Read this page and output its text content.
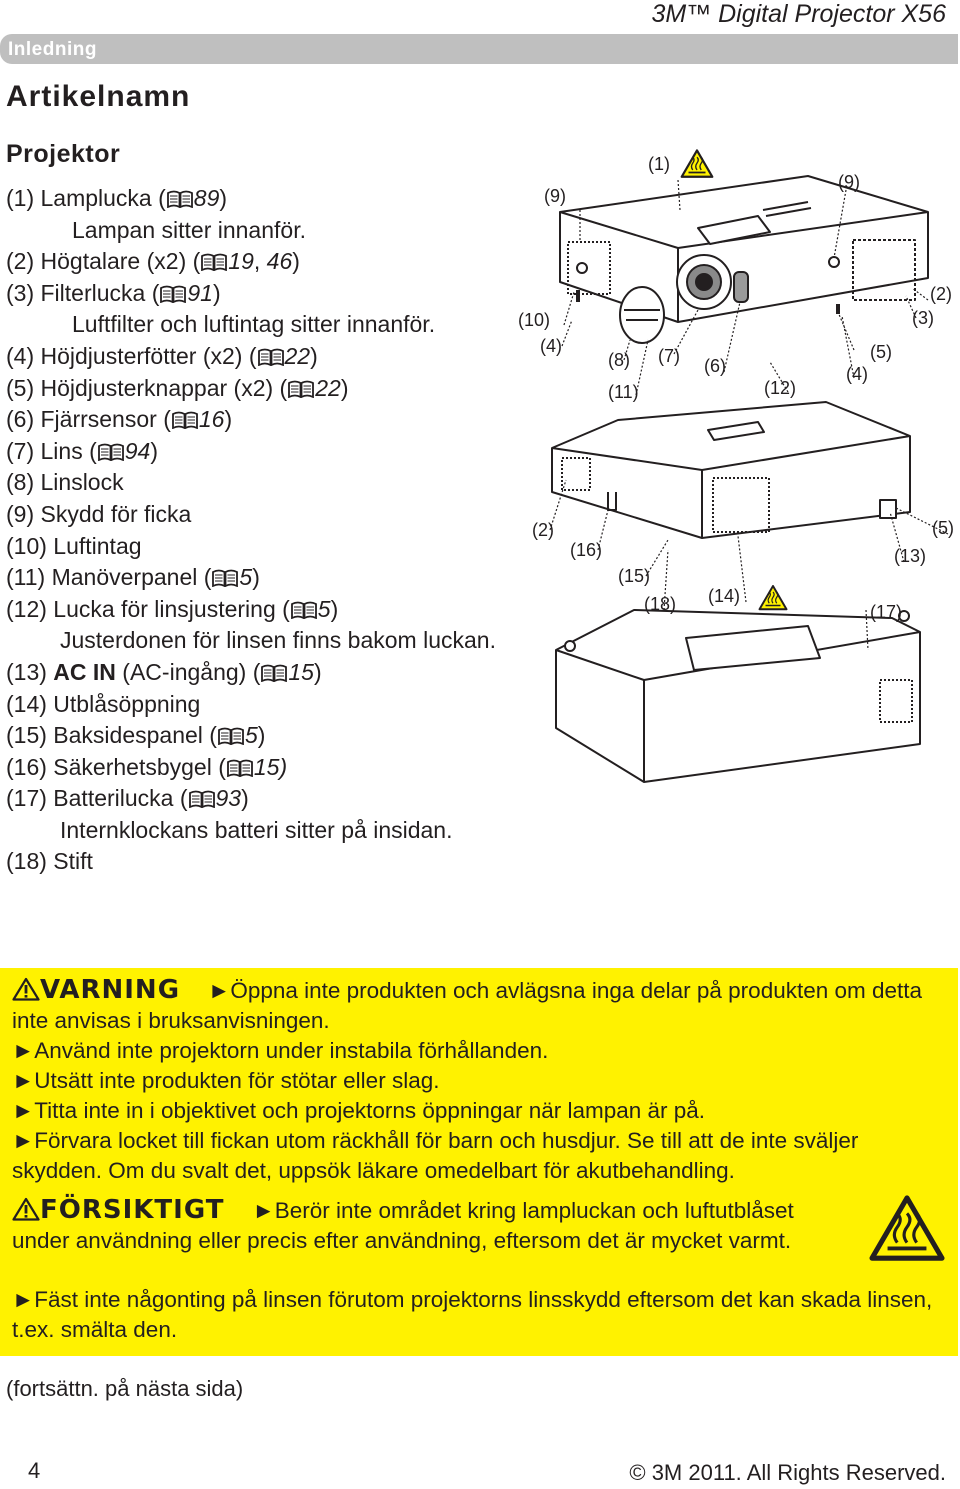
3M™ Digital Projector X56
Inledning
Artikelnamn
Projektor
(1) Lamplucka ( 89)
Lampan sitter innanför.
(2) Högtalare (x2) ( 19, 46)
(3) Filterlucka ( 91)
Luftfilter och luftintag sitter innanför.
(4) Höjdjusterfötter (x2) ( 22)
(5) Höjdjusterknappar (x2) ( 22)
(6) Fjärrsensor ( 16)
(7) Lins ( 94)
(8) Linslock
(9) Skydd för ficka
(10) Luftintag
(11) Manöverpanel ( 5)
(12) Lucka för linsjustering ( 5)
Justerdonen för linsen finns bakom luckan.
(13) AC IN (AC-ingång) ( 15)
(14) Utblåsöppning
(15) Baksidespanel ( 5)
(16) Säkerhetsbygel ( 15)
(17) Batterilucka ( 93)
Internklockans batteri sitter på insidan.
(18) Stift
(1)
(9)
(9)
(2)
(3)
(10)
(4)
(8) (7) (6)
(5)
(4)
(11)	(12)
(2)	(5)
(16)	(13)
(15)
(14)
(18)	(17)
VARNING ►Öppna inte produkten och avlägsna inga delar på produkten om detta inte anvisas i bruksanvisningen.
►Använd inte projektorn under instabila förhållanden.
►Utsätt inte produkten för stötar eller slag.
►Titta inte in i objektivet och projektorns öppningar när lampan är på.
►Förvara locket till fickan utom räckhåll för barn och husdjur. Se till att de inte sväljer skydden. Om du svalt det, uppsök läkare omedelbart för akutbehandling.
FÖRSIKTIGT ►Berör inte området kring lampluckan och luftutblåset under användning eller precis efter användning, eftersom det är mycket varmt.
►Fäst inte någonting på linsen förutom projektorns linsskydd eftersom det kan skada linsen, t.ex. smälta den.
(fortsättn. på nästa sida)
4	© 3M 2011. All Rights Reserved.
